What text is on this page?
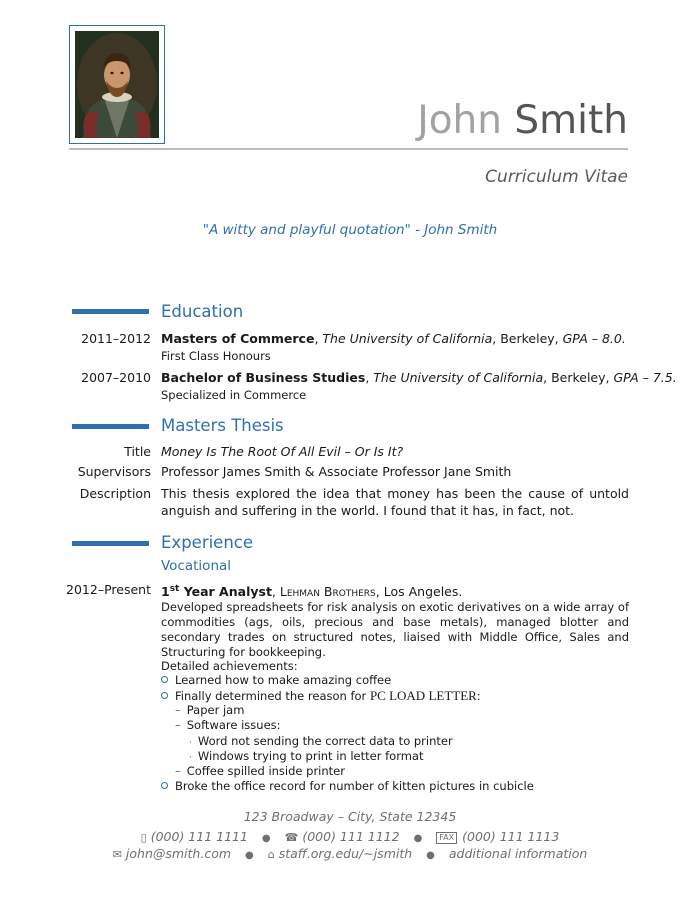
John Smith
Curriculum Vitae
"A witty and playful quotation" - John Smith
Education
2011–2012 Masters of Commerce, The University of California, Berkeley, GPA – 8.0.
First Class Honours
2007–2010 Bachelor of Business Studies, The University of California, Berkeley, GPA – 7.5.
Specialized in Commerce
Masters Thesis
Title Money Is The Root Of All Evil – Or Is It?
Supervisors Professor James Smith & Associate Professor Jane Smith
Description This thesis explored the idea that money has been the cause of untold anguish and suffering in the world. I found that it has, in fact, not.
Experience
Vocational
2012–Present 1st Year Analyst, Lehman Brothers, Los Angeles.
Developed spreadsheets for risk analysis on exotic derivatives on a wide array of commodities (ags, oils, precious and base metals), managed blotter and secondary trades on structured notes, liaised with Middle Office, Sales and Structuring for bookkeeping.
Detailed achievements:
Learned how to make amazing coffee
Finally determined the reason for PC LOAD LETTER:
– Paper jam
– Software issues:
· Word not sending the correct data to printer
· Windows trying to print in letter format
– Coffee spilled inside printer
Broke the office record for number of kitten pictures in cubicle
123 Broadway – City, State 12345
▯ (000) 111 1111 ● ☎ (000) 111 1112 ● FAX (000) 111 1113
✉ john@smith.com ● ⌂ staff.org.edu/∼jsmith ● additional information
